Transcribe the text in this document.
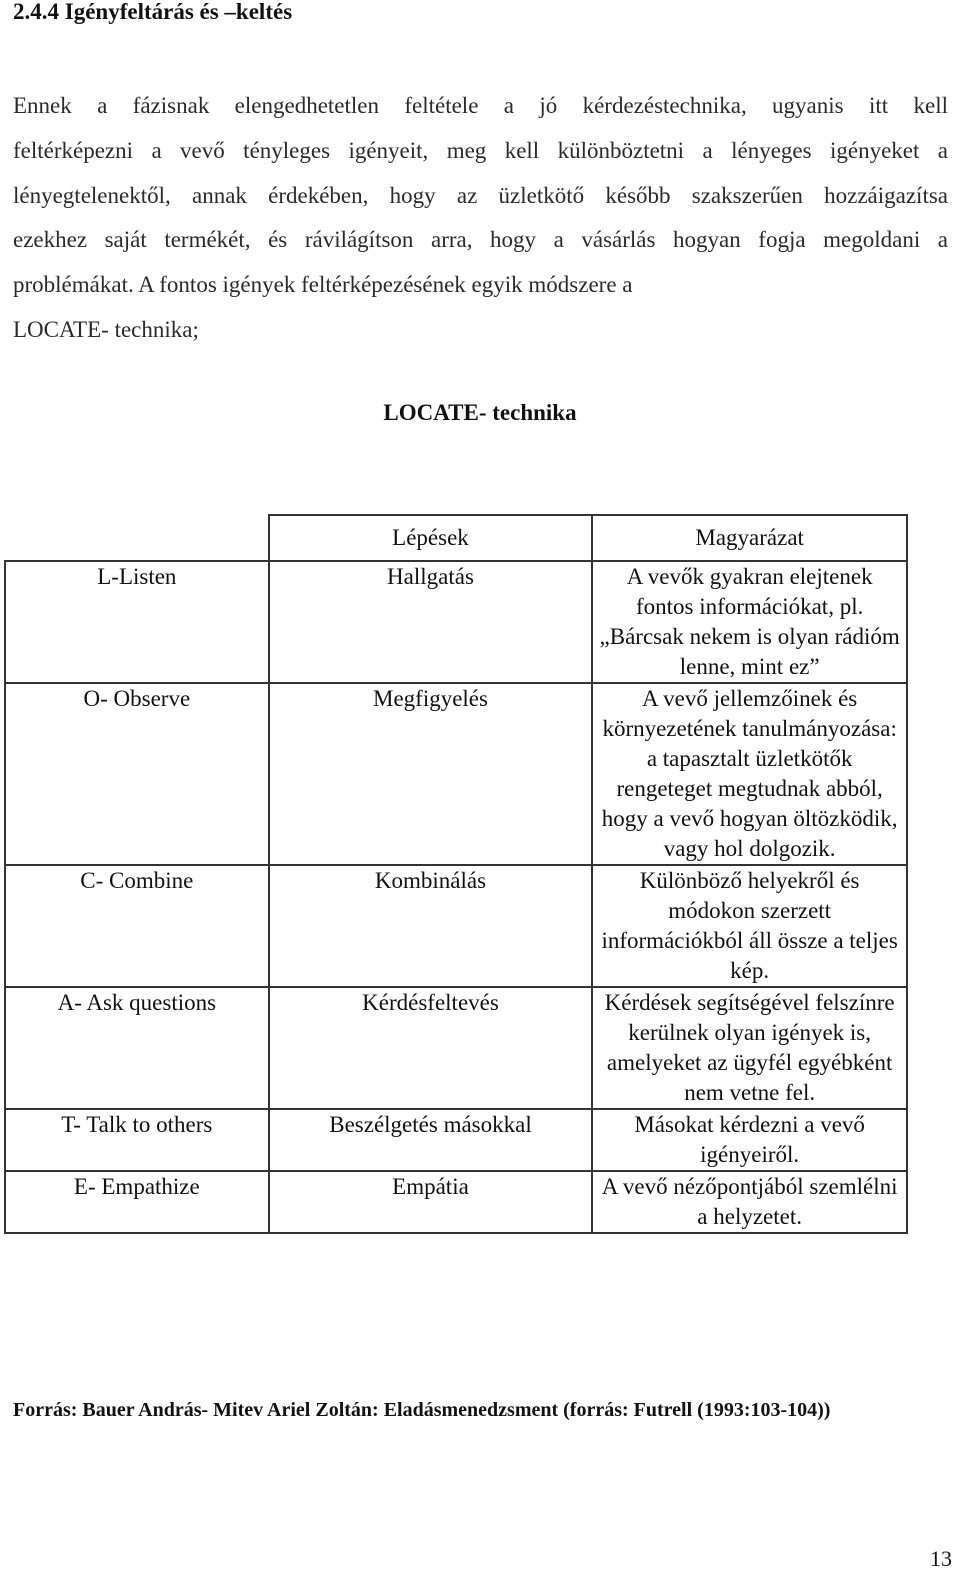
2.4.4 Igényfeltárás és –keltés

Ennek a fázisnak elengedhetetlen feltétele a jó kérdezéstechnika, ugyanis itt kell
feltérképezni a vevő tényleges igényeit, meg kell különböztetni a lényeges igényeket a
lényegtelenektől, annak érdekében, hogy az üzletkötő később szakszerűen hozzáigazítsa
ezekhez saját termékét, és rávilágítson arra, hogy a vásárlás hogyan fogja megoldani a
problémákat. A fontos igények feltérképezésének egyik módszere a
LOCATE- technika;

LOCATE- technika

	Lépések	Magyarázat
L-Listen	Hallgatás	A vevők gyakran elejtenek fontos információkat, pl. „Bárcsak nekem is olyan rádióm lenne, mint ez”
O- Observe	Megfigyelés	A vevő jellemzőinek és környezetének tanulmányozása: a tapasztalt üzletkötők rengeteget megtudnak abból, hogy a vevő hogyan öltözködik, vagy hol dolgozik.
C- Combine	Kombinálás	Különböző helyekről és módokon szerzett információkból áll össze a teljes kép.
A- Ask questions	Kérdésfeltevés	Kérdések segítségével felszínre kerülnek olyan igények is, amelyeket az ügyfél egyébként nem vetne fel.
T- Talk to others	Beszélgetés másokkal	Másokat kérdezni a vevő igényeiről.
E- Empathize	Empátia	A vevő nézőpontjából szemlélni a helyzetet.

Forrás: Bauer András- Mitev Ariel Zoltán: Eladásmenedzsment (forrás: Futrell (1993:103-104))

13
